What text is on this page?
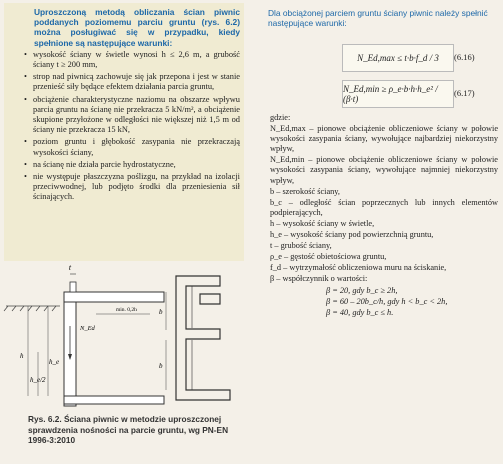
Uproszczoną metodą obliczania ścian piwnic poddanych poziomemu parciu gruntu (rys. 6.2) można posługiwać się w przypadku, kiedy spełnione są następujące warunki:
• wysokość ściany w świetle wynosi h ≤ 2,6 m, a grubość ściany t ≥ 200 mm,
• strop nad piwnicą zachowuje się jak przepona i jest w stanie przenieść siły będące efektem działania parcia gruntu,
• obciążenie charakterystyczne naziomu na obszarze wpływu parcia gruntu na ścianę nie przekracza 5 kN/m², a obciążenie skupione przyłożone w odległości nie większej niż 1,5 m od ściany nie przekracza 15 kN,
• poziom gruntu i głębokość zasypania nie przekraczają wysokości ściany,
• na ścianę nie działa parcie hydrostatyczne,
• nie występuje płaszczyzna poślizgu, na przykład na izolacji przeciwwodnej, lub podjęto środki dla przeniesienia sił ścinających.
t
h
h_e
h_e/2
N_Ed
min. 0,2h	b
b
Rys. 6.2. Ściana piwnic w metodzie uproszczonej sprawdzenia nośności na parcie gruntu, wg PN-EN 1996-3:2010
Dla obciążonej parciem gruntu ściany piwnic należy spełnić następujące warunki:
N_Ed,max ≤ t·b·f_d / 3	(6.16)
N_Ed,min ≥ ρ_e·b·h·h_e² / (β·t)
(6.17)

gdzie:

N_Ed,max – pionowe obciążenie obliczeniowe ściany w połowie wysokości zasypania ściany, wywołujące najbardziej niekorzystny wpływ,

N_Ed,min – pionowe obciążenie obliczeniowe ściany w połowie wysokości zasypania ściany, wywołujące najmniej niekorzystny wpływ,

b – szerokość ściany,

b_c – odległość ścian poprzecznych lub innych elementów podpierających,

h – wysokość ściany w świetle,

h_e – wysokość ściany pod powierzchnią gruntu,

t – grubość ściany,

ρ_e – gęstość obietościowa gruntu,

f_d – wytrzymałość obliczeniowa muru na ściskanie,

β – współczynnik o wartości:

β = 20, gdy b_c ≥ 2h,

β = 60 – 20b_c/h, gdy h < b_c < 2h,

β = 40, gdy b_c ≤ h.
